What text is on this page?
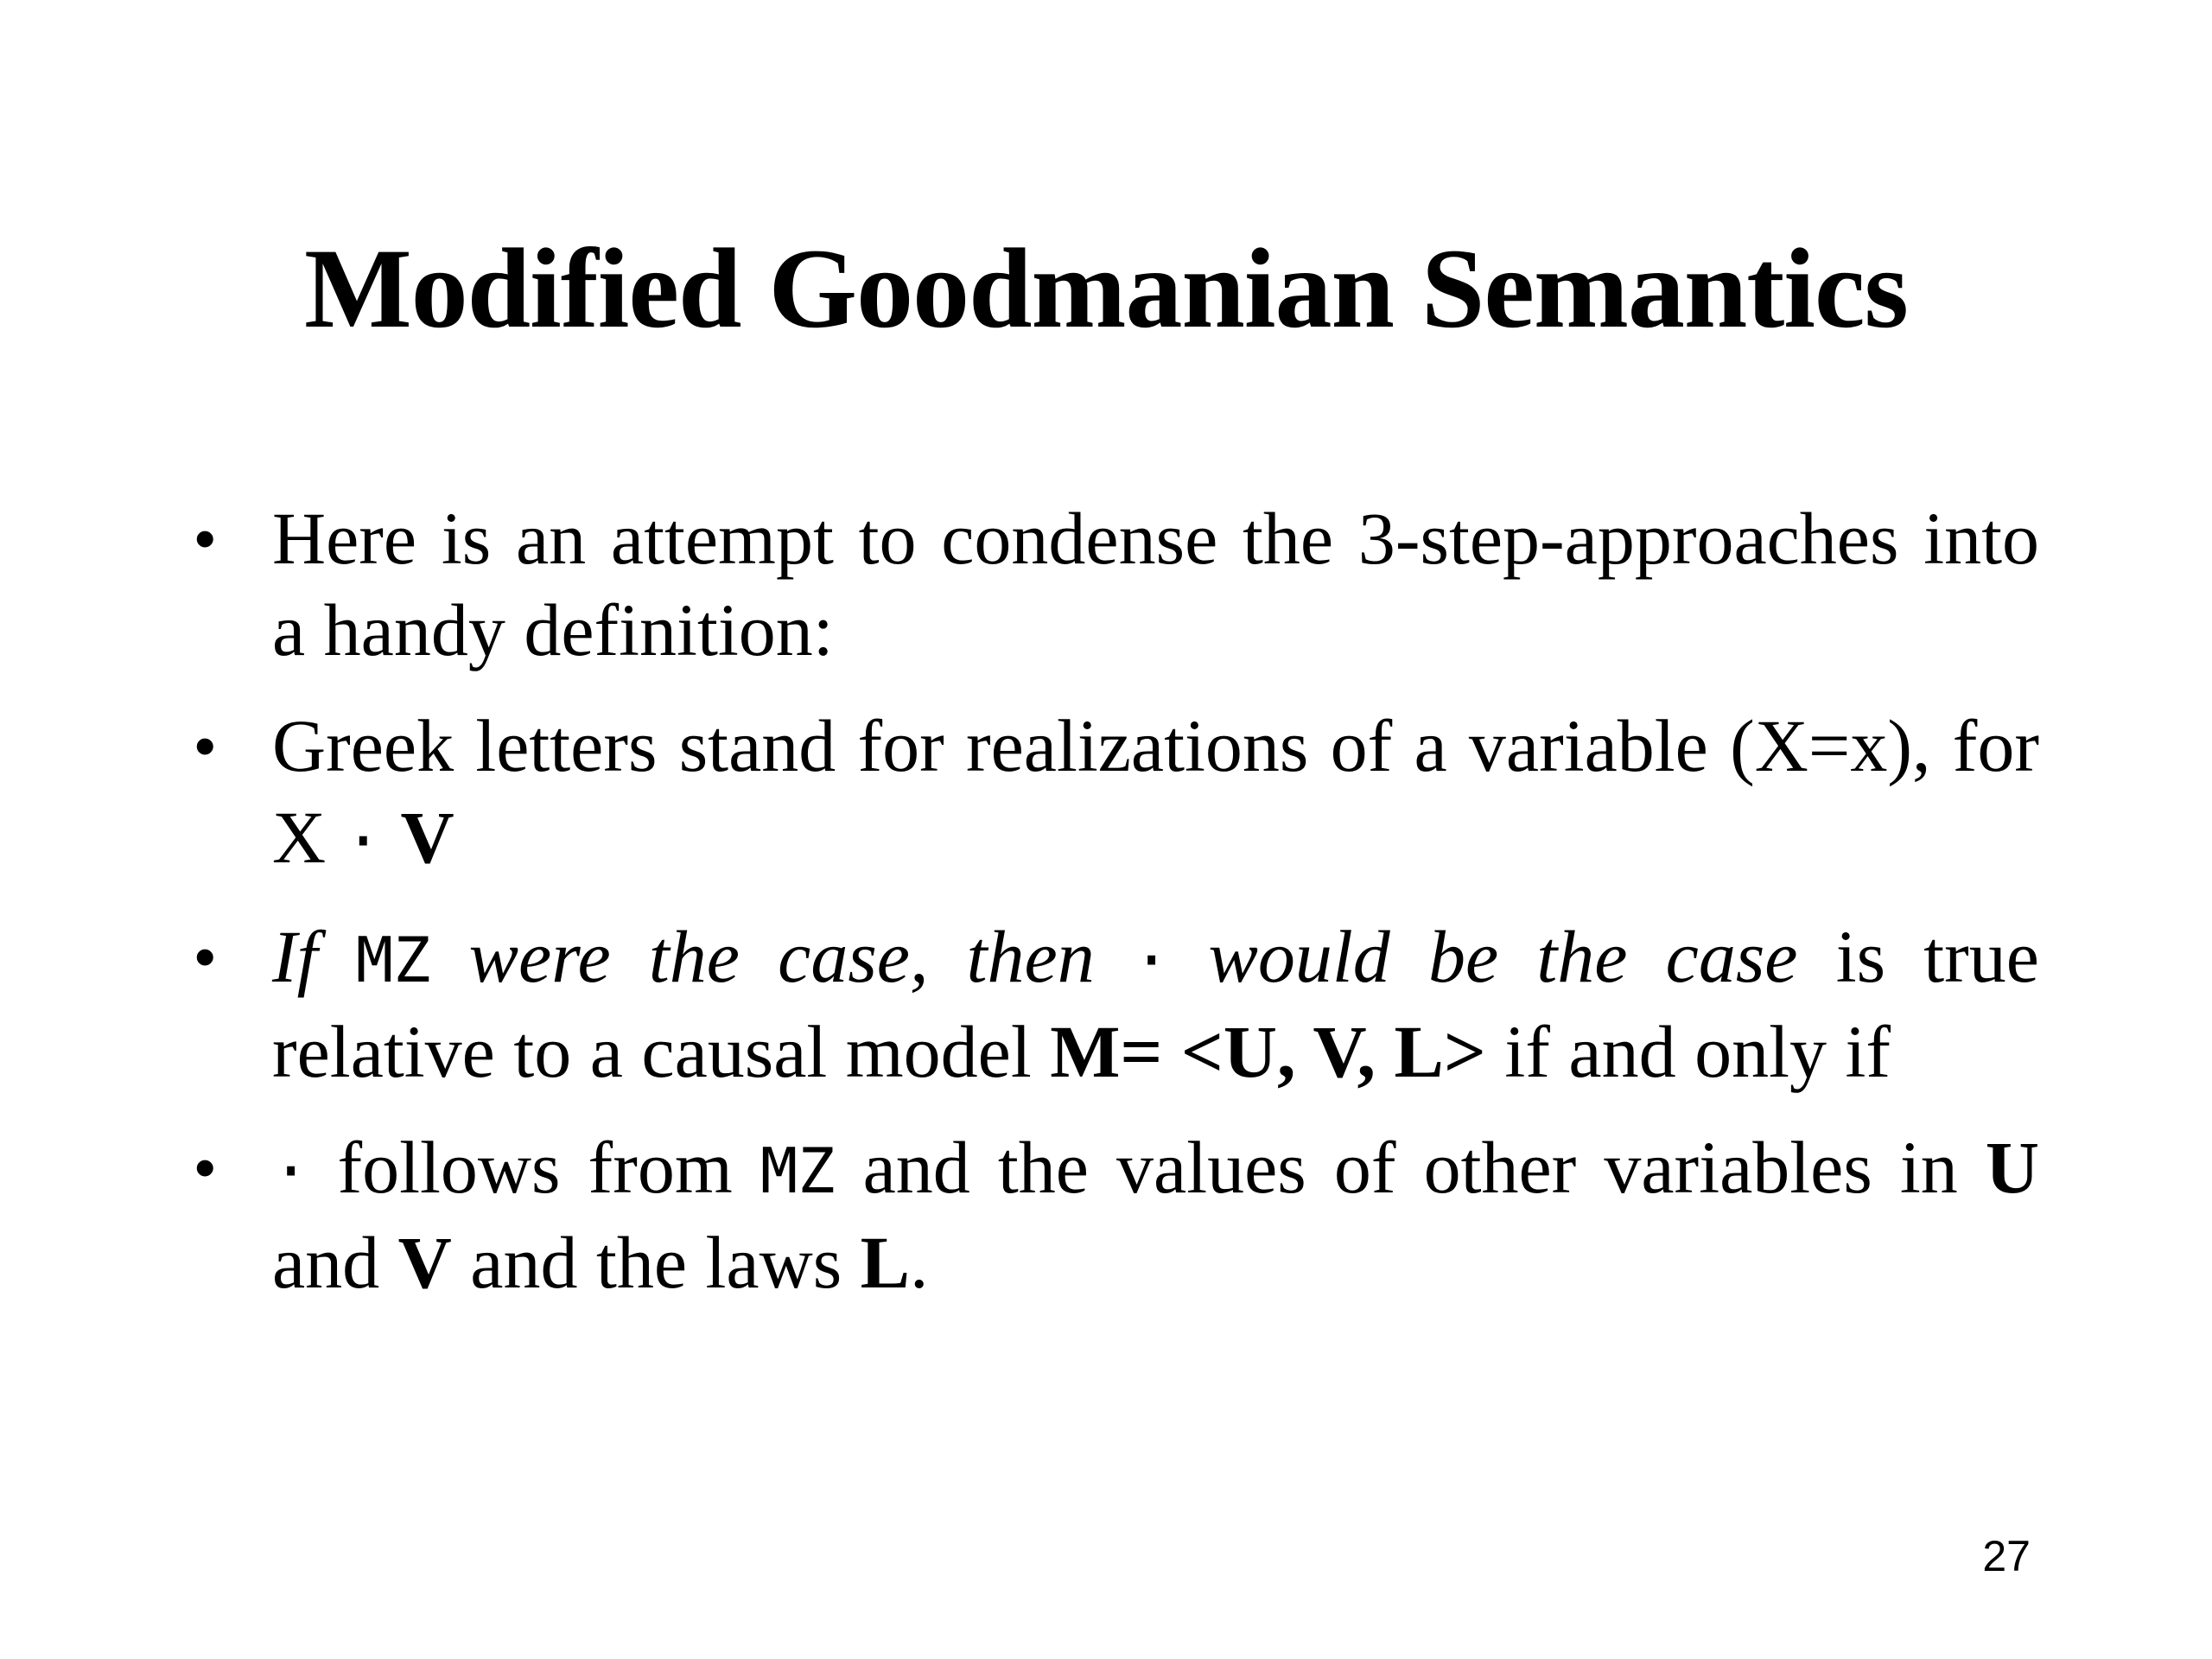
Modified Goodmanian Semantics
• Here is an attempt to condense the 3-step-approaches into a handy definition:
• Greek letters stand for realizations of a variable (X=x), for X · V
• If MZ were the case, then · would be the case is true relative to a causal model M= <U, V, L> if and only if
• · follows from MZ and the values of other variables in U and V and the laws L.
27
